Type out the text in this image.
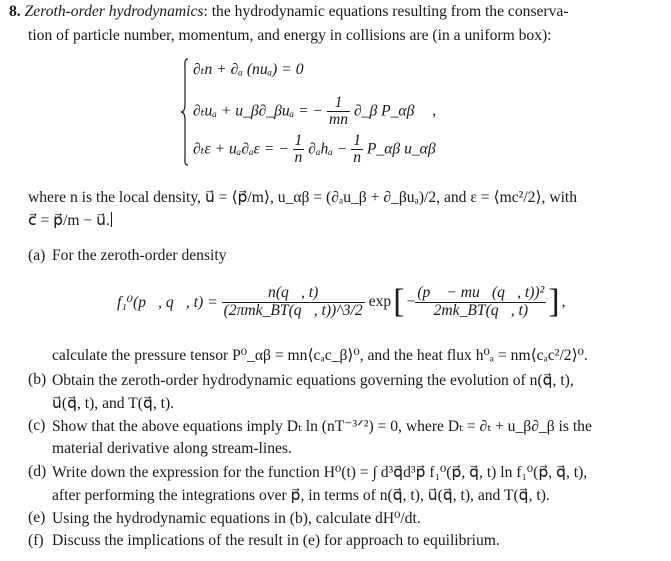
8. Zeroth-order hydrodynamics: the hydrodynamic equations resulting from the conserva-
tion of particle number, momentum, and energy in collisions are (in a uniform box):
∂ₜn + ∂ₐ (nuₐ) = 0
∂ₜuₐ + u_β∂_βuₐ = − $\frac{1}{mn}$ ∂_β P_αβ ,
∂ₜε + uₐ∂ₐε = − $\frac{1}{n} \partial_ah_a - \frac{1}{n}$ P_αβ u_αβ
where n is the local density, u⃗ = ⟨p⃗/m⟩, u_αβ = (∂ₐu_β + ∂_βuₐ)/2, and ε = ⟨mc²/2⟩, with
c⃗ = p⃗/m − u⃗.
(a) For the zeroth-order density
f₁⁰(p⃗, q⃗, $t) = \frac{n(q⃗, t)}{\text{(2πmk\_BT(q⃗, t))\textasciicircum{}3/2}}$ exp [ − $\frac{\text{(p⃗ − mu⃗(q⃗, t))²}}{2mk\_BT(q⃗, t)}$ ] ,
calculate the pressure tensor P⁰_αβ = mn⟨cₐc_β⟩⁰, and the heat flux h⁰ₐ = nm⟨cₐc²/2⟩⁰.
(b) Obtain the zeroth-order hydrodynamic equations governing the evolution of n(q⃗, t),
u⃗(q⃗, t), and T(q⃗, t).
(c) Show that the above equations imply Dₜ ln (nT⁻³ᐟ²) = 0, where Dₜ = ∂ₜ + u_β∂_β is the
material derivative along stream-lines.
(d) Write down the expression for the function H⁰(t) = ∫ d³q⃗d³p⃗ f₁⁰(p⃗, q⃗, t) ln f₁⁰(p⃗, q⃗, t),
after performing the integrations over p⃗, in terms of n(q⃗, t), u⃗(q⃗, t), and T(q⃗, t).
(e) Using the hydrodynamic equations in (b), calculate dH⁰/dt.
(f) Discuss the implications of the result in (e) for approach to equilibrium.
